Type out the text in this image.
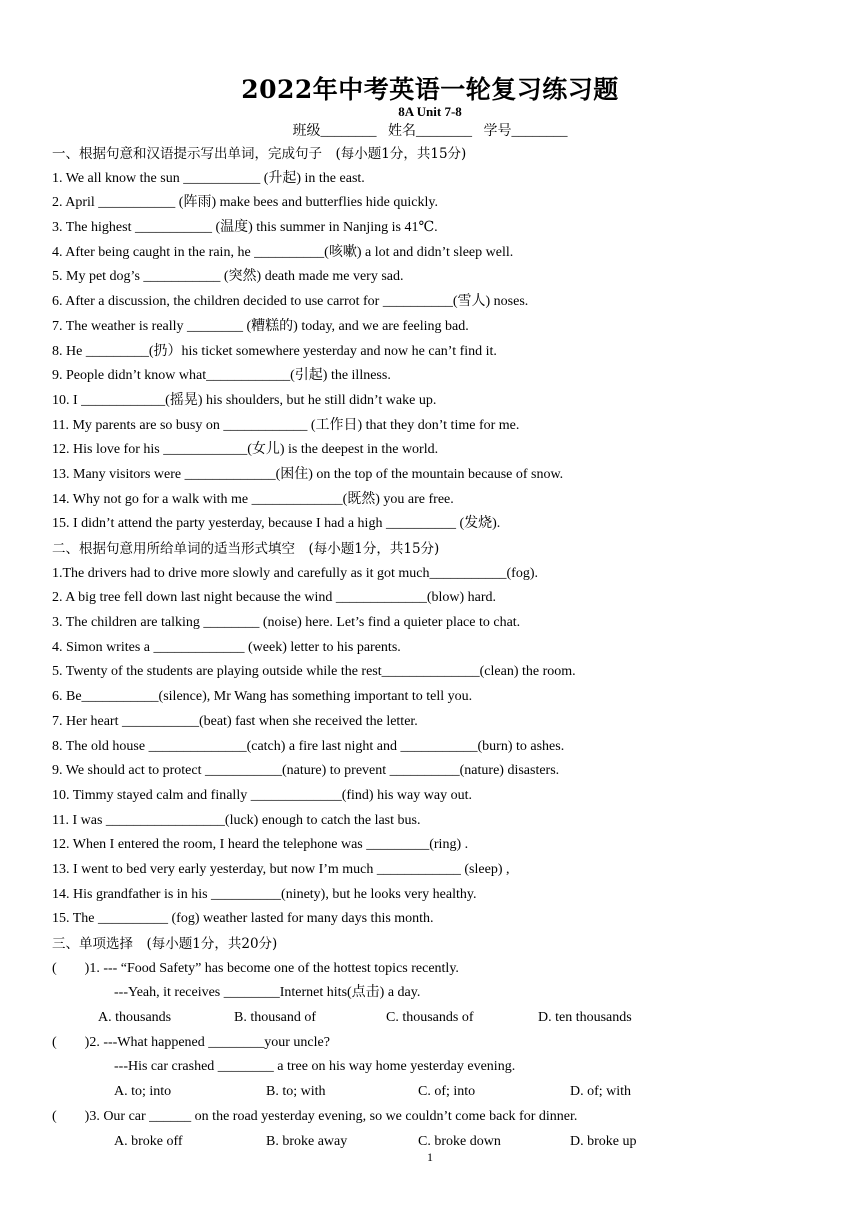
2022年中考英语一轮复习练习题
8A Unit 7-8
班级________ 姓名________ 学号________
一、根据句意和汉语提示写出单词，完成句子　(每小题1分，共15分)
1. We all know the sun ___________ (升起) in the east.
2. April ___________ (阵雨) make bees and butterflies hide quickly.
3. The highest ___________ (温度) this summer in Nanjing is 41℃.
4. After being caught in the rain, he __________(咳嗽) a lot and didn’t sleep well.
5. My pet dog’s ___________ (突然) death made me very sad.
6. After a discussion, the children decided to use carrot for __________(雪人) noses.
7. The weather is really ________ (糟糕的) today, and we are feeling bad.
8. He _________(扔）his ticket somewhere yesterday and now he can’t find it.
9. People didn’t know what____________(引起) the illness.
10. I ____________(摇晃) his shoulders, but he still didn’t wake up.
11. My parents are so busy on ____________ (工作日) that they don’t time for me.
12. His love for his ____________(女儿) is the deepest in the world.
13. Many visitors were _____________(困住) on the top of the mountain because of snow.
14. Why not go for a walk with me _____________(既然) you are free.
15. I didn’t attend the party yesterday, because I had a high __________ (发烧).
二、根据句意用所给单词的适当形式填空　(每小题1分，共15分)
1.The drivers had to drive more slowly and carefully as it got much___________(fog).
2. A big tree fell down last night because the wind _____________(blow) hard.
3. The children are talking ________ (noise) here. Let’s find a quieter place to chat.
4. Simon writes a _____________ (week) letter to his parents.
5. Twenty of the students are playing outside while the rest______________(clean) the room.
6. Be___________(silence), Mr Wang has something important to tell you.
7. Her heart ___________(beat) fast when she received the letter.
8. The old house ______________(catch) a fire last night and ___________(burn) to ashes.
9. We should act to protect ___________(nature) to prevent __________(nature) disasters.
10. Timmy stayed calm and finally _____________(find) his way way out.
11. I was _________________(luck) enough to catch the last bus.
12. When I entered the room, I heard the telephone was _________(ring) .
13. I went to bed very early yesterday, but now I’m much ____________ (sleep) ,
14. His grandfather is in his __________(ninety), but he looks very healthy.
15. The __________ (fog) weather lasted for many days this month.
三、单项选择　(每小题1分，共20分)
(　　)1. --- “Food Safety” has become one of the hottest topics recently.
---Yeah, it receives ________Internet hits(点击) a day.
A. thousands	B. thousand of	C. thousands of	D. ten thousands
(　　)2. ---What happened ________your uncle?
---His car crashed ________ a tree on his way home yesterday evening.
A. to; into	B. to; with	C. of; into	D. of; with
(　　)3. Our car ______ on the road yesterday evening, so we couldn’t come back for dinner.
A. broke off	B. broke away	C. broke down	D. broke up
1
